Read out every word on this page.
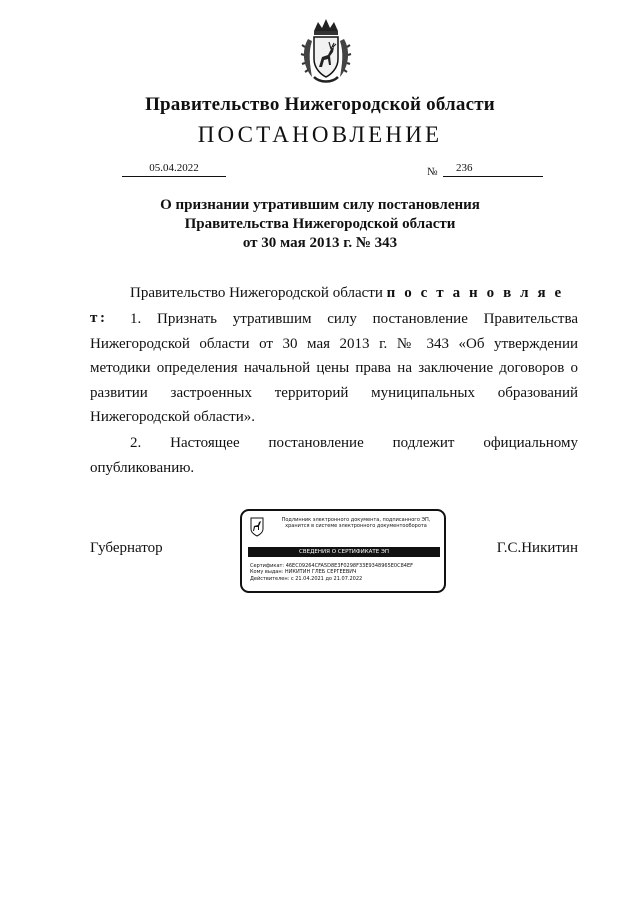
Правительство Нижегородской области
ПОСТАНОВЛЕНИЕ
05.04.2022	№	236
О признании утратившим силу постановления
Правительства Нижегородской области
от 30 мая 2013 г. № 343
Правительство Нижегородской области п о с т а н о в л я е т:	1. Признать утратившим силу постановление Правительства Нижегородской области от 30 мая 2013 г. № 343 «Об утверждении методики определения начальной цены права на заключение договоров о развитии застроенных территорий муниципальных образований Нижегородской области».
2. Настоящее постановление подлежит официальному опубликованию.
Губернатор	Г.С.Никитин
Подлинник электронного документа, подписанного ЭП,
хранится в системе электронного документооборота
СВЕДЕНИЯ О СЕРТИФИКАТЕ ЭП
Сертификат: 46EC09264CFA5D8E3F0298F33E9348965E0C84EF
Кому выдан: НИКИТИН ГЛЕБ СЕРГЕЕВИЧ
Действителен: с 21.04.2021 до 21.07.2022
